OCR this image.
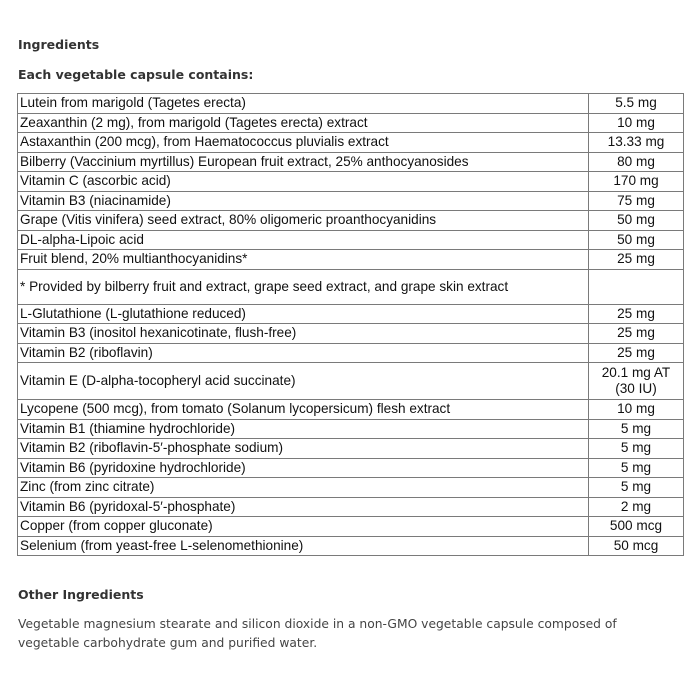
Ingredients
Each vegetable capsule contains:
Lutein from marigold (Tagetes erecta)	5.5 mg
Zeaxanthin (2 mg), from marigold (Tagetes erecta) extract	10 mg
Astaxanthin (200 mcg), from Haematococcus pluvialis extract	13.33 mg
Bilberry (Vaccinium myrtillus) European fruit extract, 25% anthocyanosides	80 mg
Vitamin C (ascorbic acid)	170 mg
Vitamin B3 (niacinamide)	75 mg
Grape (Vitis vinifera) seed extract, 80% oligomeric proanthocyanidins	50 mg
DL-alpha-Lipoic acid	50 mg
Fruit blend, 20% multianthocyanidins*	25 mg
* Provided by bilberry fruit and extract, grape seed extract, and grape skin extract	
L-Glutathione (L-glutathione reduced)	25 mg
Vitamin B3 (inositol hexanicotinate, flush-free)	25 mg
Vitamin B2 (riboflavin)	25 mg
Vitamin E (D-alpha-tocopheryl acid succinate)	20.1 mg AT
(30 IU)

Lycopene (500 mcg), from tomato (Solanum lycopersicum) flesh extract	10 mg
Vitamin B1 (thiamine hydrochloride)	5 mg
Vitamin B2 (riboflavin-5′-phosphate sodium)	5 mg
Vitamin B6 (pyridoxine hydrochloride)	5 mg
Zinc (from zinc citrate)	5 mg
Vitamin B6 (pyridoxal-5′-phosphate)	2 mg
Copper (from copper gluconate)	500 mcg
Selenium (from yeast-free L-selenomethionine)	50 mcg
Other Ingredients

Vegetable magnesium stearate and silicon dioxide in a non-GMO vegetable capsule composed of vegetable carbohydrate gum and purified water.
